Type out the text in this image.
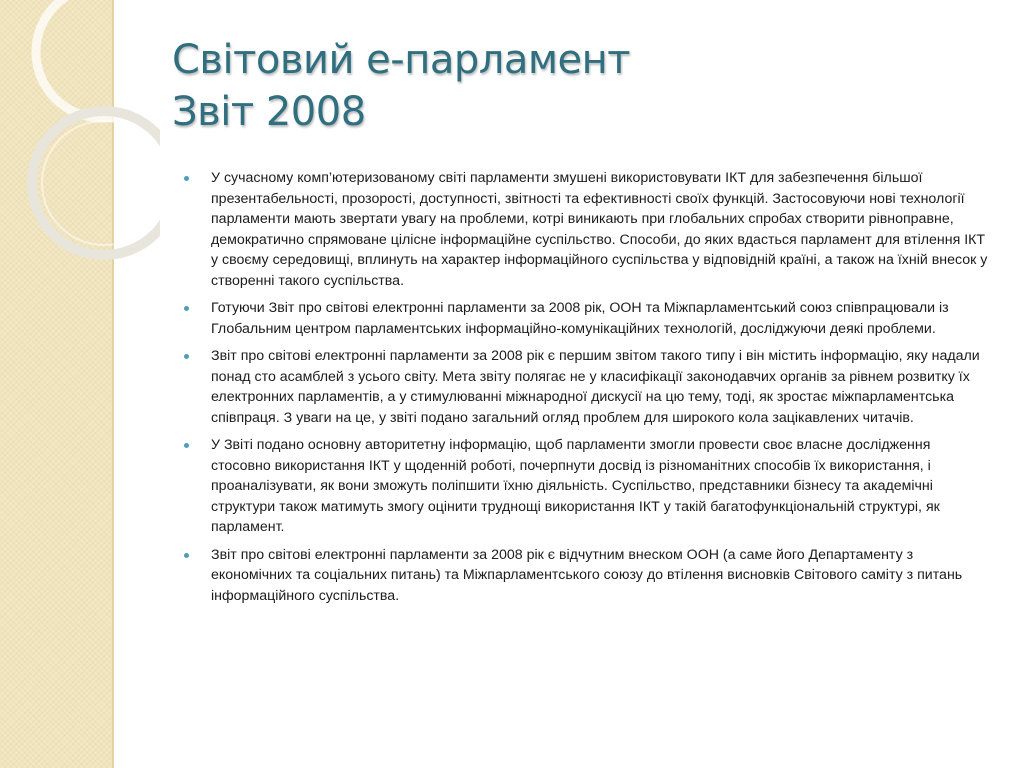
Світовий е-парламент
Звіт 2008
У сучасному комп’ютеризованому світі парламенти змушені використовувати ІКТ для забезпечення більшої презентабельності, прозорості, доступності, звітності та ефективності своїх функцій. Застосовуючи нові технології парламенти мають звертати увагу на проблеми, котрі виникають при глобальних спробах створити рівноправне, демократично спрямоване цілісне інформаційне суспільство. Способи, до яких вдасться парламент для втілення ІКТ у своєму середовищі, вплинуть на характер інформаційного суспільства у відповідній країні, а також на їхній внесок у створенні такого суспільства.
Готуючи Звіт про світові електронні парламенти за 2008 рік, ООН та Міжпарламентський союз співпрацювали із Глобальним центром парламентських інформаційно-комунікаційних технологій, досліджуючи деякі проблеми.
Звіт про світові електронні парламенти за 2008 рік є першим звітом такого типу і він містить інформацію, яку надали понад сто асамблей з усього світу. Мета звіту полягає не у класифікації законодавчих органів за рівнем розвитку їх електронних парламентів, а у стимулюванні міжнародної дискусії на цю тему, тоді, як зростає міжпарламентська співпраця. З уваги на це, у звіті подано загальний огляд проблем для широкого кола зацікавлених читачів.
У Звіті подано основну авторитетну інформацію, щоб парламенти змогли провести своє власне дослідження стосовно використання ІКТ у щоденній роботі, почерпнути досвід із різноманітних способів їх використання, і проаналізувати, як вони зможуть поліпшити їхню діяльність. Суспільство, представники бізнесу та академічні структури також матимуть змогу оцінити труднощі використання ІКТ у такій багатофункціональній структурі, як парламент.
Звіт про світові електронні парламенти за 2008 рік є відчутним внеском ООН (а саме його Департаменту з економічних та соціальних питань) та Міжпарламентського союзу до втілення висновків Світового саміту з питань інформаційного суспільства.
